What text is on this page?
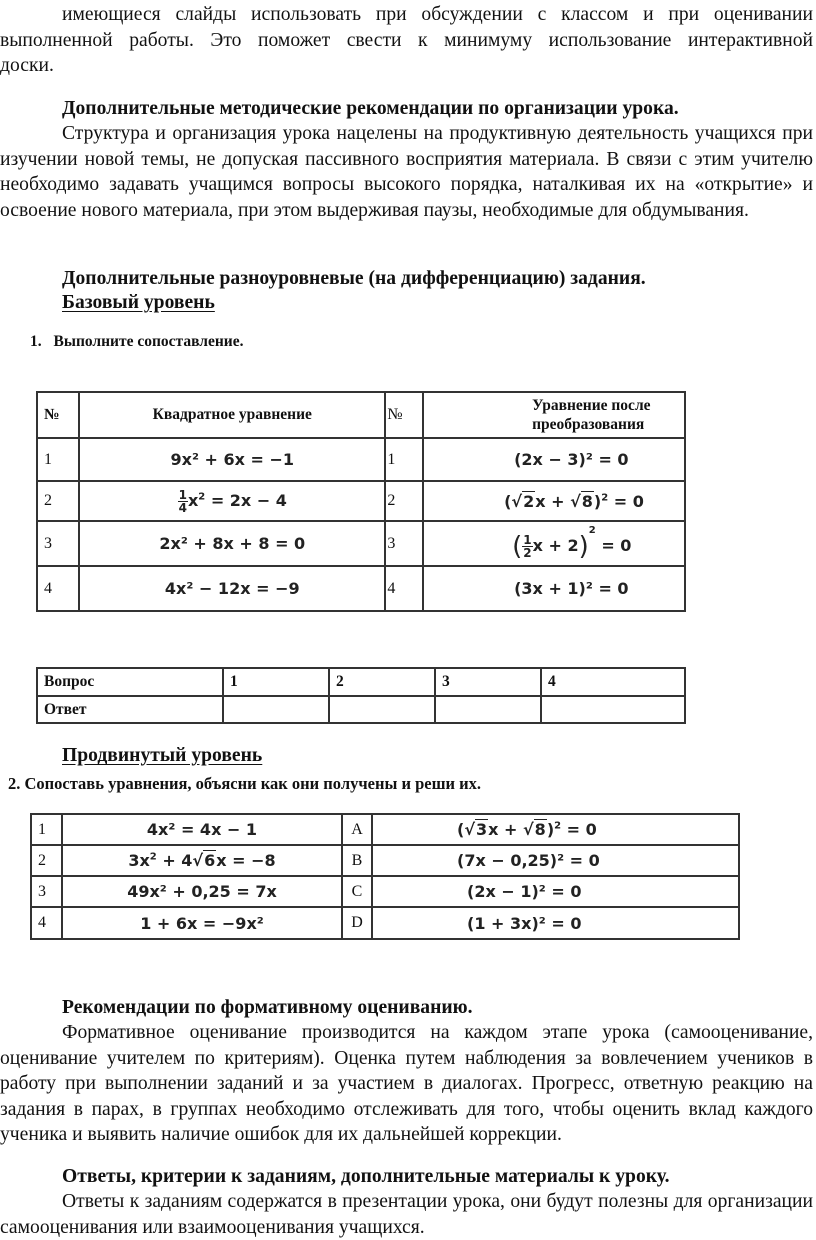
имеющиеся слайды использовать при обсуждении с классом и при оценивании
выполненной работы. Это поможет свести к минимуму использование интерактивной
доски.
Дополнительные методические рекомендации по организации урока.
Структура и организация урока нацелены на продуктивную деятельность учащихся при изучении новой темы, не допуская пассивного восприятия материала. В связи с этим учителю необходимо задавать учащимся вопросы высокого порядка, наталкивая их на «открытие» и освоение нового материала, при этом выдерживая паузы, необходимые для обдумывания.
Дополнительные разноуровневые (на дифференциацию) задания.
Базовый уровень
1. Выполните сопоставление.
№	Квадратное уравнение	№	Уравнение после преобразования
1	9x² + 6x = −1	1	(2x − 3)² = 0
2	$\frac{1}{4} x^2 = 2x - 4$	2	$(√2x + √8)^2 = 0$
3	2x² + 8x + 8 = 0	3	( $\frac{1}{2}$ x + 2)$^2$ = 0
4	4x² − 12x = −9	4	(3x + 1)² = 0
Вопрос	1	2	3	4
Ответ				
Продвинутый уровень
2. Сопоставь уравнения, объясни как они получены и реши их.
1	4x² = 4x − 1	A	$(√3x + √8)^2 = 0$
2	$3x^2 + 4√6x = -8$	B	(7x − 0,25)² = 0
3	49x² + 0,25 = 7x	C	(2x − 1)² = 0
4	1 + 6x = −9x²	D	(1 + 3x)² = 0
Рекомендации по формативному оцениванию.
Формативное оценивание производится на каждом этапе урока (самооценивание, оценивание учителем по критериям). Оценка путем наблюдения за вовлечением учеников в работу при выполнении заданий и за участием в диалогах. Прогресс, ответную реакцию на задания в парах, в группах необходимо отслеживать для того, чтобы оценить вклад каждого ученика и выявить наличие ошибок для их дальнейшей коррекции.
Ответы, критерии к заданиям, дополнительные материалы к уроку.
Ответы к заданиям содержатся в презентации урока, они будут полезны для организации самооценивания или взаимооценивания учащихся.
